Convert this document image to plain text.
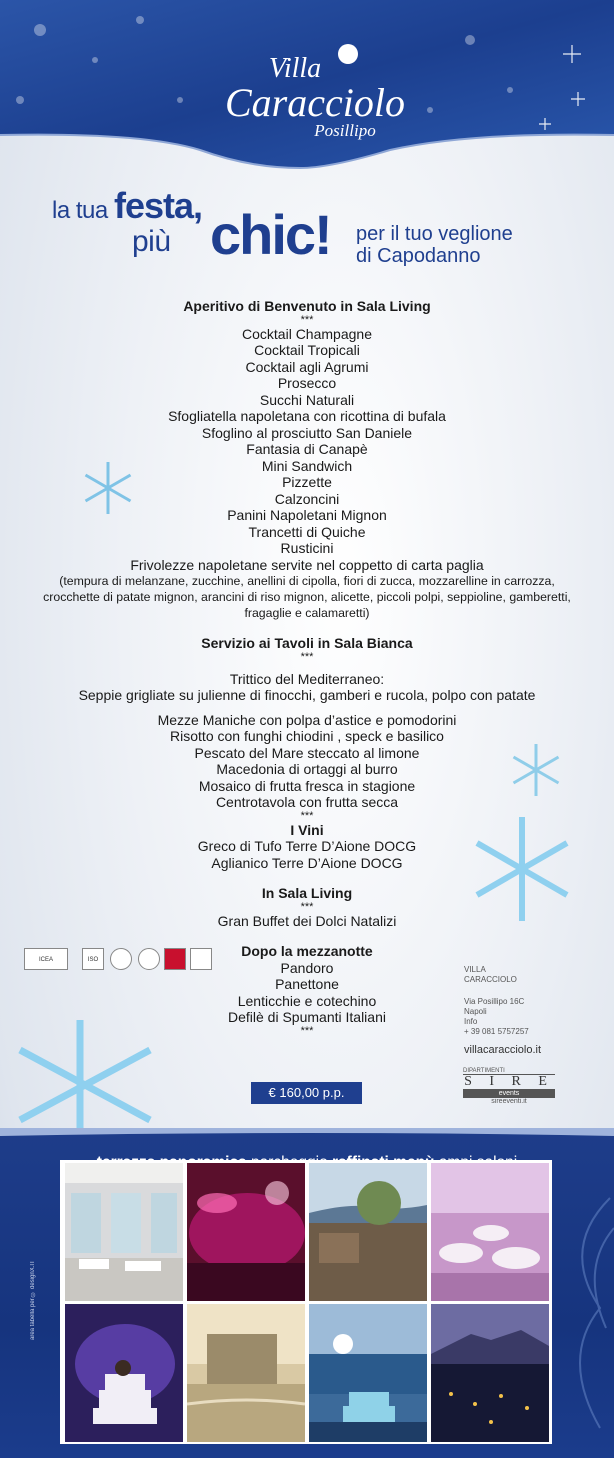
Villa
Caracciolo
Posillipo
la tua festa,
più chic! per il tuo veglione
di Capodanno
Aperitivo di Benvenuto in Sala Living
***
Cocktail Champagne
Cocktail Tropicali
Cocktail agli Agrumi
Prosecco
Succhi Naturali
Sfogliatella napoletana con ricottina di bufala
Sfoglino al prosciutto San Daniele
Fantasia di Canapè
Mini Sandwich
Pizzette
Calzoncini
Panini Napoletani Mignon
Trancetti di Quiche
Rusticini
Frivolezze napoletane servite nel coppetto di carta paglia
(tempura di melanzane, zucchine, anellini di cipolla, fiori di zucca, mozzarelline in carrozza,
crocchette di patate mignon, arancini di riso mignon, alicette, piccoli polpi, seppioline, gamberetti,
fragaglie e calamaretti)
Servizio ai Tavoli in Sala Bianca
***
Trittico del Mediterraneo:
Seppie grigliate su julienne di finocchi, gamberi e rucola, polpo con patate
Mezze Maniche con polpa d’astice e pomodorini
Risotto con funghi chiodini , speck e basilico
Pescato del Mare steccato al limone
Macedonia di ortaggi al burro
Mosaico di frutta fresca in stagione
Centrotavola con frutta secca
***
I Vini
Greco di Tufo Terre D’Aione DOCG
Aglianico Terre D’Aione DOCG
In Sala Living
***
Gran Buffet dei Dolci Natalizi
Dopo la mezzanotte
Pandoro
Panettone
Lenticchie e cotechino
Defilè di Spumanti Italiani
***
ICEA	ISO
VILLA
CARACCIOLO
Via Posillipo 16C
Napoli
Info
+ 39 081 5757257
villacaracciolo.it
DIPARTIMENTI
S I R E
events
sireeventi.it
€ 160,00 p.p.
area tabella per © designX.IT
